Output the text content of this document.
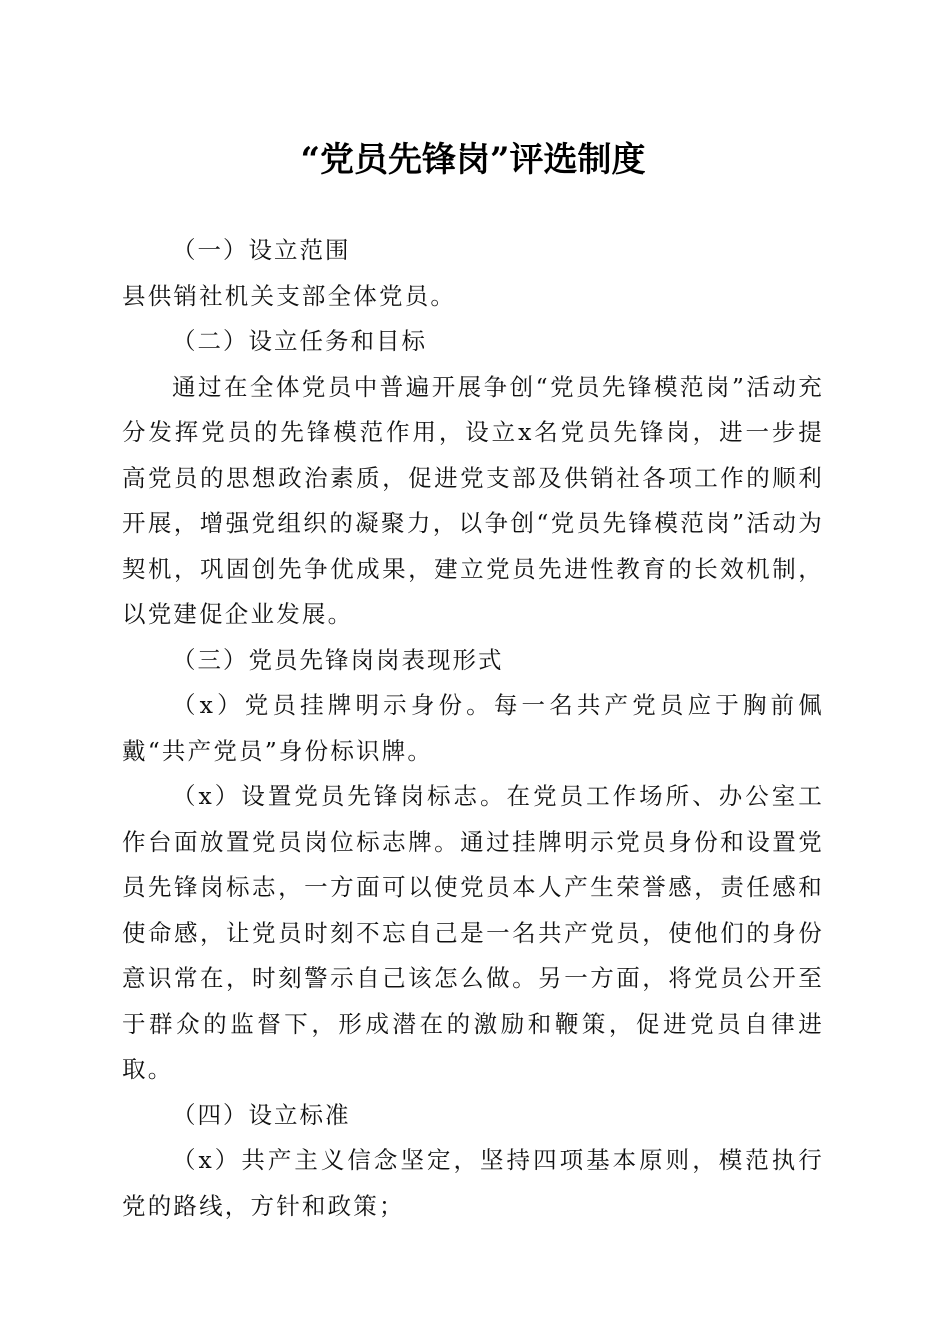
“党员先锋岗”评选制度

（一）设立范围

县供销社机关支部全体党员。

（二）设立任务和目标

通过在全体党员中普遍开展争创“党员先锋模范岗”活动充分发挥党员的先锋模范作用，设立x名党员先锋岗，进一步提高党员的思想政治素质，促进党支部及供销社各项工作的顺利开展，增强党组织的凝聚力，以争创“党员先锋模范岗”活动为契机，巩固创先争优成果，建立党员先进性教育的长效机制，以党建促企业发展。

（三）党员先锋岗岗表现形式

（x）党员挂牌明示身份。每一名共产党员应于胸前佩戴“共产党员”身份标识牌。

（x）设置党员先锋岗标志。在党员工作场所、办公室工作台面放置党员岗位标志牌。通过挂牌明示党员身份和设置党员先锋岗标志，一方面可以使党员本人产生荣誉感，责任感和使命感，让党员时刻不忘自己是一名共产党员，使他们的身份意识常在，时刻警示自己该怎么做。另一方面，将党员公开至于群众的监督下，形成潜在的激励和鞭策，促进党员自律进取。

（四）设立标准

（x）共产主义信念坚定，坚持四项基本原则，模范执行党的路线，方针和政策；
